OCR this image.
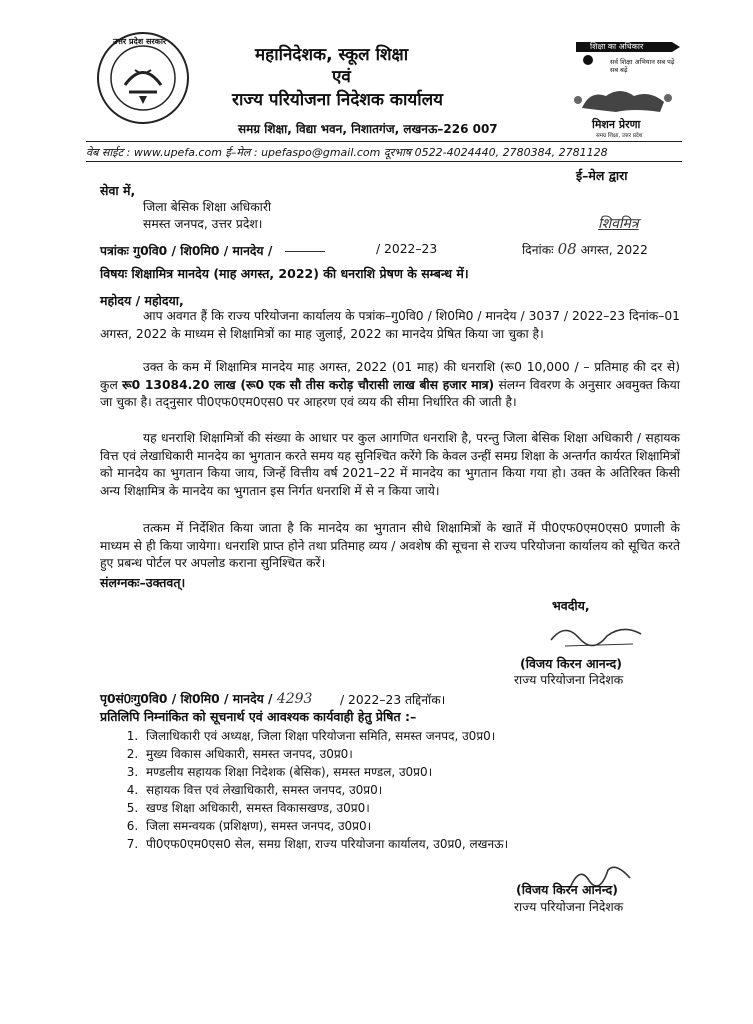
उत्तर प्रदेश सरकार
महानिदेशक, स्कूल शिक्षा
एवं
राज्य परियोजना निदेशक कार्यालय
समग्र शिक्षा, विद्या भवन, निशातगंज, लखनऊ–226 007
शिक्षा का अधिकार
सर्व शिक्षा अभियान सब पढ़ें सब बढ़ें
मिशन प्रेरणा
समग्र शिक्षा, उत्तर प्रदेश
वेब साईट : www.upefa.com ई–मेल : upefaspo@gmail.com दूरभाष 0522-4024440, 2780384, 2781128
ई–मेल द्वारा
सेवा में,
जिला बेसिक शिक्षा अधिकारी
समस्त जनपद, उत्तर प्रदेश।	शिवमित्र
पत्रांकः गु0वि0 / शि0मि0 / मानदेय /	/ 2022–23	दिनांकः 08 अगस्त, 2022
विषयः शिक्षामित्र मानदेय (माह अगस्त, 2022) की धनराशि प्रेषण के सम्बन्ध में।
महोदय / महोदया,
आप अवगत हैं कि राज्य परियोजना कार्यालय के पत्रांक–गु0वि0 / शि0मि0 / मानदेय / 3037 / 2022–23 दिनांक–01 अगस्त, 2022 के माध्यम से शिक्षामित्रों का माह जुलाई, 2022 का मानदेय प्रेषित किया जा चुका है।
उक्त के कम में शिक्षामित्र मानदेय माह अगस्त, 2022 (01 माह) की धनराशि (रू0 10,000 / – प्रतिमाह की दर से) कुल रू0 13084.20 लाख (रू0 एक सौ तीस करोड़ चौरासी लाख बीस हजार मात्र) संलग्न विवरण के अनुसार अवमुक्त किया जा चुका है। तद्नुसार पी0एफ0एम0एस0 पर आहरण एवं व्यय की सीमा निर्धारित की जाती है।
यह धनराशि शिक्षामित्रों की संख्या के आधार पर कुल आगणित धनराशि है, परन्तु जिला बेसिक शिक्षा अधिकारी / सहायक वित्त एवं लेखाधिकारी मानदेय का भुगतान करते समय यह सुनिश्चित करेंगे कि केवल उन्हीं समग्र शिक्षा के अन्तर्गत कार्यरत शिक्षामित्रों को मानदेय का भुगतान किया जाय, जिन्हें वित्तीय वर्ष 2021–22 में मानदेय का भुगतान किया गया हो। उक्त के अतिरिक्त किसी अन्य शिक्षामित्र के मानदेय का भुगतान इस निर्गत धनराशि में से न किया जाये।
तत्कम में निर्देशित किया जाता है कि मानदेय का भुगतान सीधे शिक्षामित्रों के खातें में पी0एफ0एम0एस0 प्रणाली के माध्यम से ही किया जायेगा। धनराशि प्राप्त होने तथा प्रतिमाह व्यय / अवशेष की सूचना से राज्य परियोजना कार्यालय को सूचित करते हुए प्रबन्ध पोर्टल पर अपलोड कराना सुनिश्चित करें।
संलग्नकः–उक्तवत्।
भवदीय,
(विजय किरन आनन्द)
राज्य परियोजना निदेशक
पृ0सं0ःगु0वि0 / शि0मि0 / मानदेय / 4293 / 2022–23 तद्दिनॉक।
प्रतिलिपि निम्नांकित को सूचनार्थ एवं आवश्यक कार्यवाही हेतु प्रेषित :–
1. जिलाधिकारी एवं अध्यक्ष, जिला शिक्षा परियोजना समिति, समस्त जनपद, उ0प्र0।
2. मुख्य विकास अधिकारी, समस्त जनपद, उ0प्र0।
3. मण्डलीय सहायक शिक्षा निदेशक (बेसिक), समस्त मण्डल, उ0प्र0।
4. सहायक वित्त एवं लेखाधिकारी, समस्त जनपद, उ0प्र0।
5. खण्ड शिक्षा अधिकारी, समस्त विकासखण्ड, उ0प्र0।
6. जिला समन्वयक (प्रशिक्षण), समस्त जनपद, उ0प्र0।
7. पी0एफ0एम0एस0 सेल, समग्र शिक्षा, राज्य परियोजना कार्यालय, उ0प्र0, लखनऊ।
(विजय किरन आनन्द)
राज्य परियोजना निदेशक
